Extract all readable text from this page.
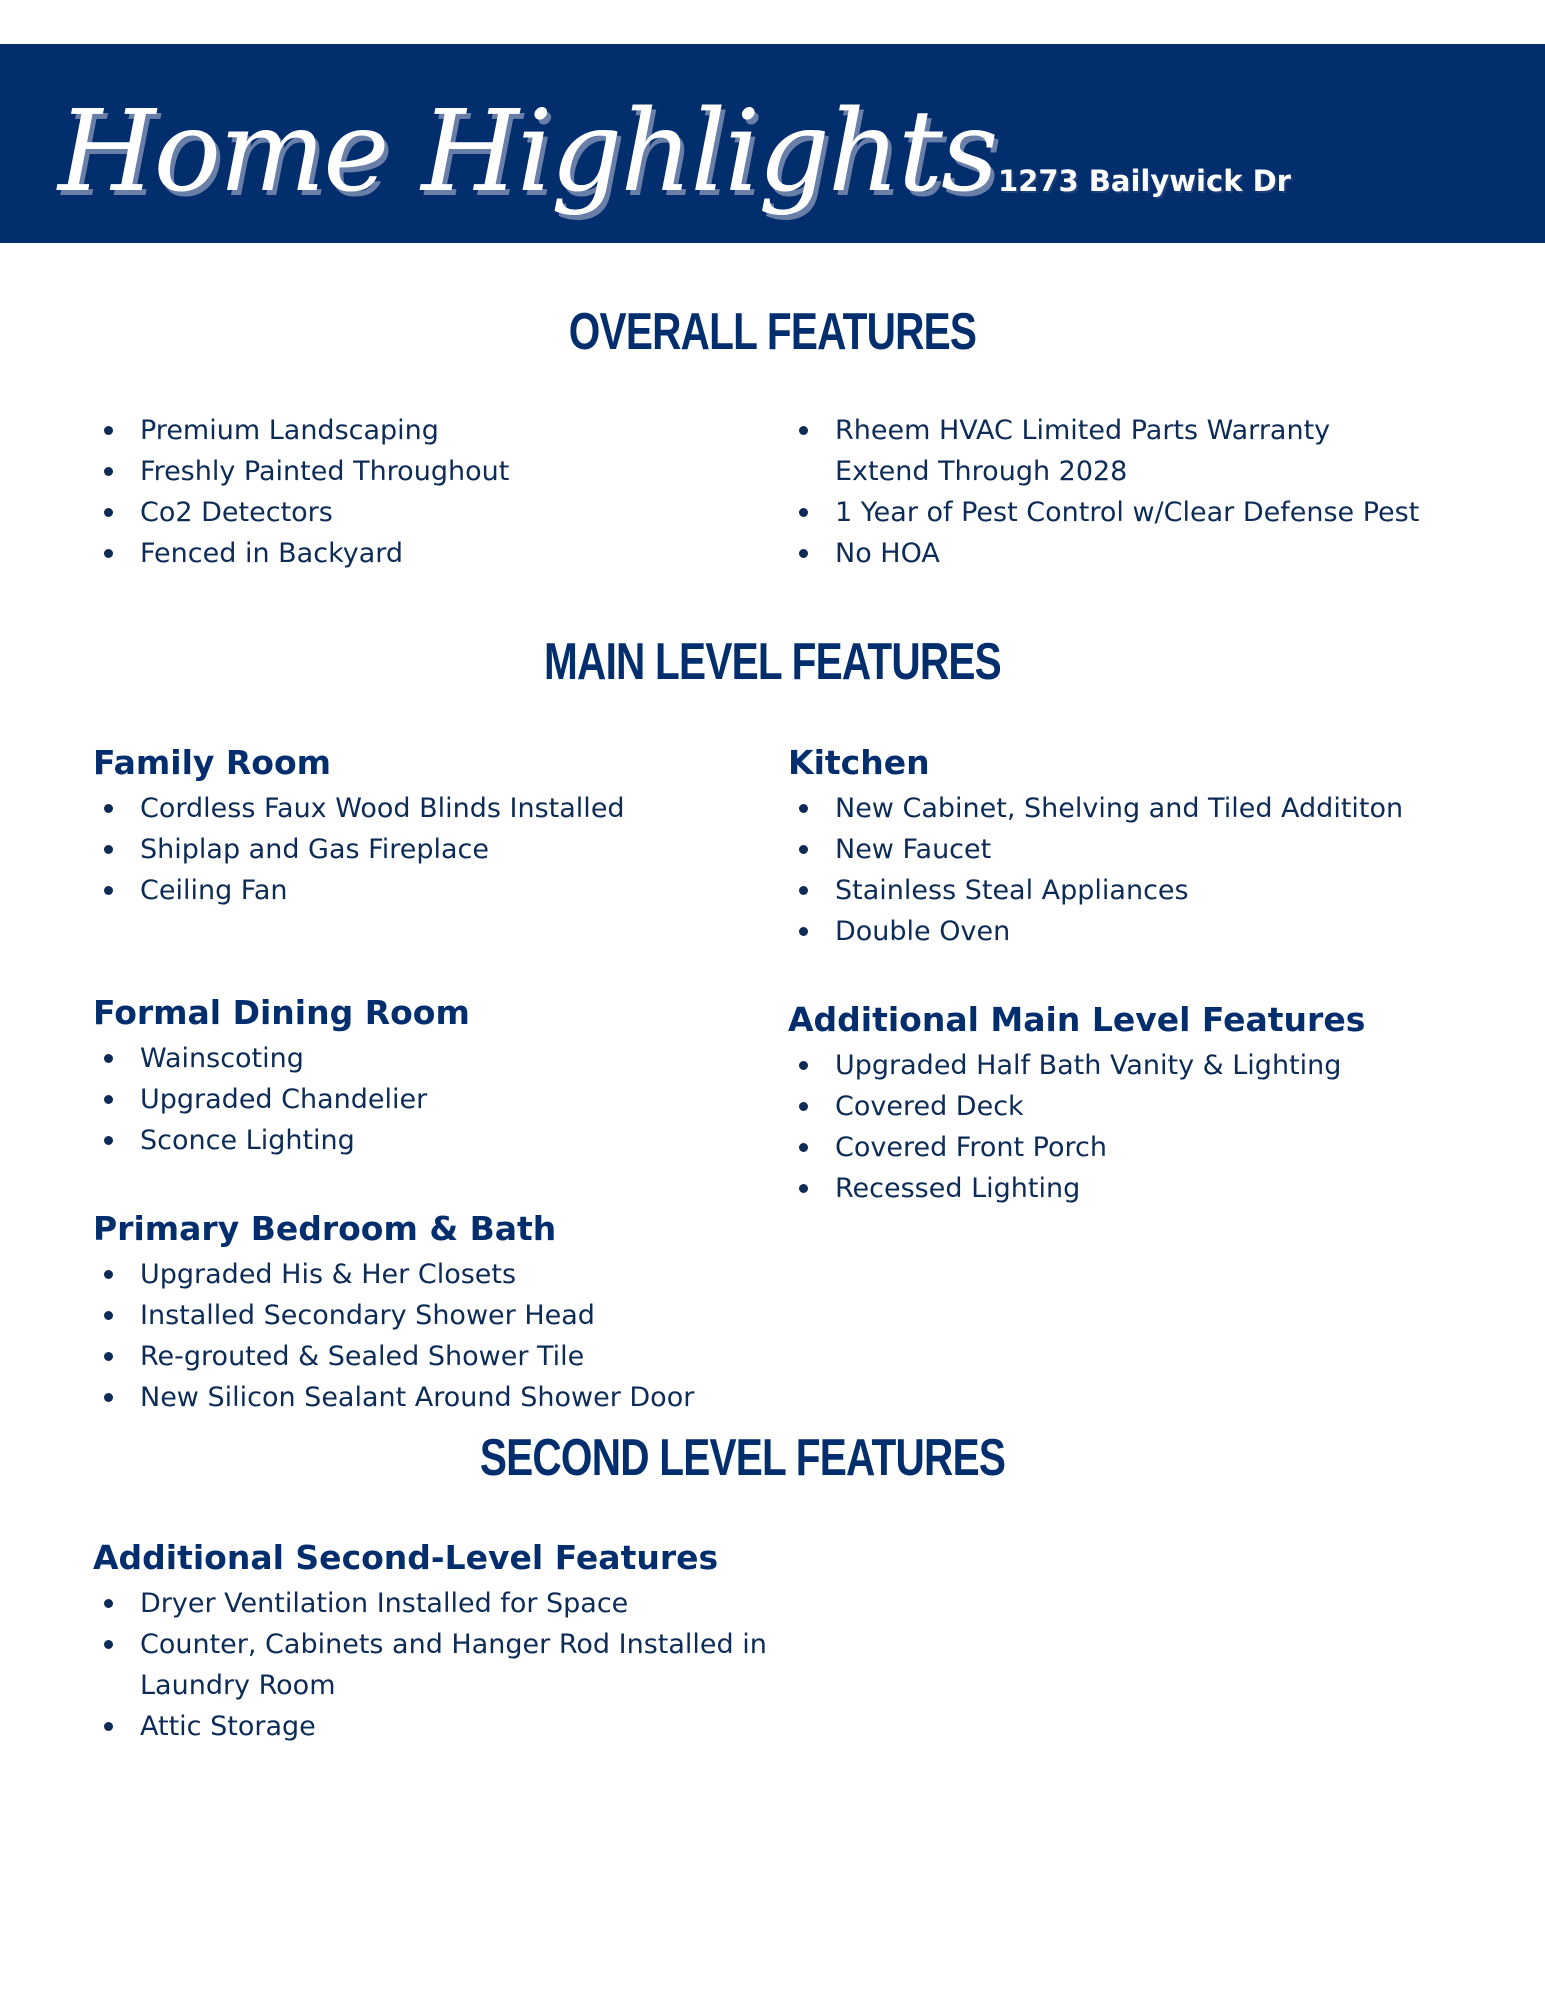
Home Highlights 1273 Bailywick Dr
OVERALL FEATURES
Premium Landscaping
Freshly Painted Throughout
Co2 Detectors
Fenced in Backyard
Rheem HVAC Limited Parts Warranty Extend Through 2028
1 Year of Pest Control w/Clear Defense Pest
No HOA
MAIN LEVEL FEATURES
Family Room
Cordless Faux Wood Blinds Installed
Shiplap and Gas Fireplace
Ceiling Fan
Kitchen
New Cabinet, Shelving and Tiled Addititon
New Faucet
Stainless Steal Appliances
Double Oven
Formal Dining Room
Wainscoting
Upgraded Chandelier
Sconce Lighting
Additional Main Level Features
Upgraded Half Bath Vanity & Lighting
Covered Deck
Covered Front Porch
Recessed Lighting
Primary Bedroom & Bath
Upgraded His & Her Closets
Installed Secondary Shower Head
Re-grouted & Sealed Shower Tile
New Silicon Sealant Around Shower Door
SECOND LEVEL FEATURES
Additional Second-Level Features
Dryer Ventilation Installed for Space
Counter, Cabinets and Hanger Rod Installed in Laundry Room
Attic Storage
